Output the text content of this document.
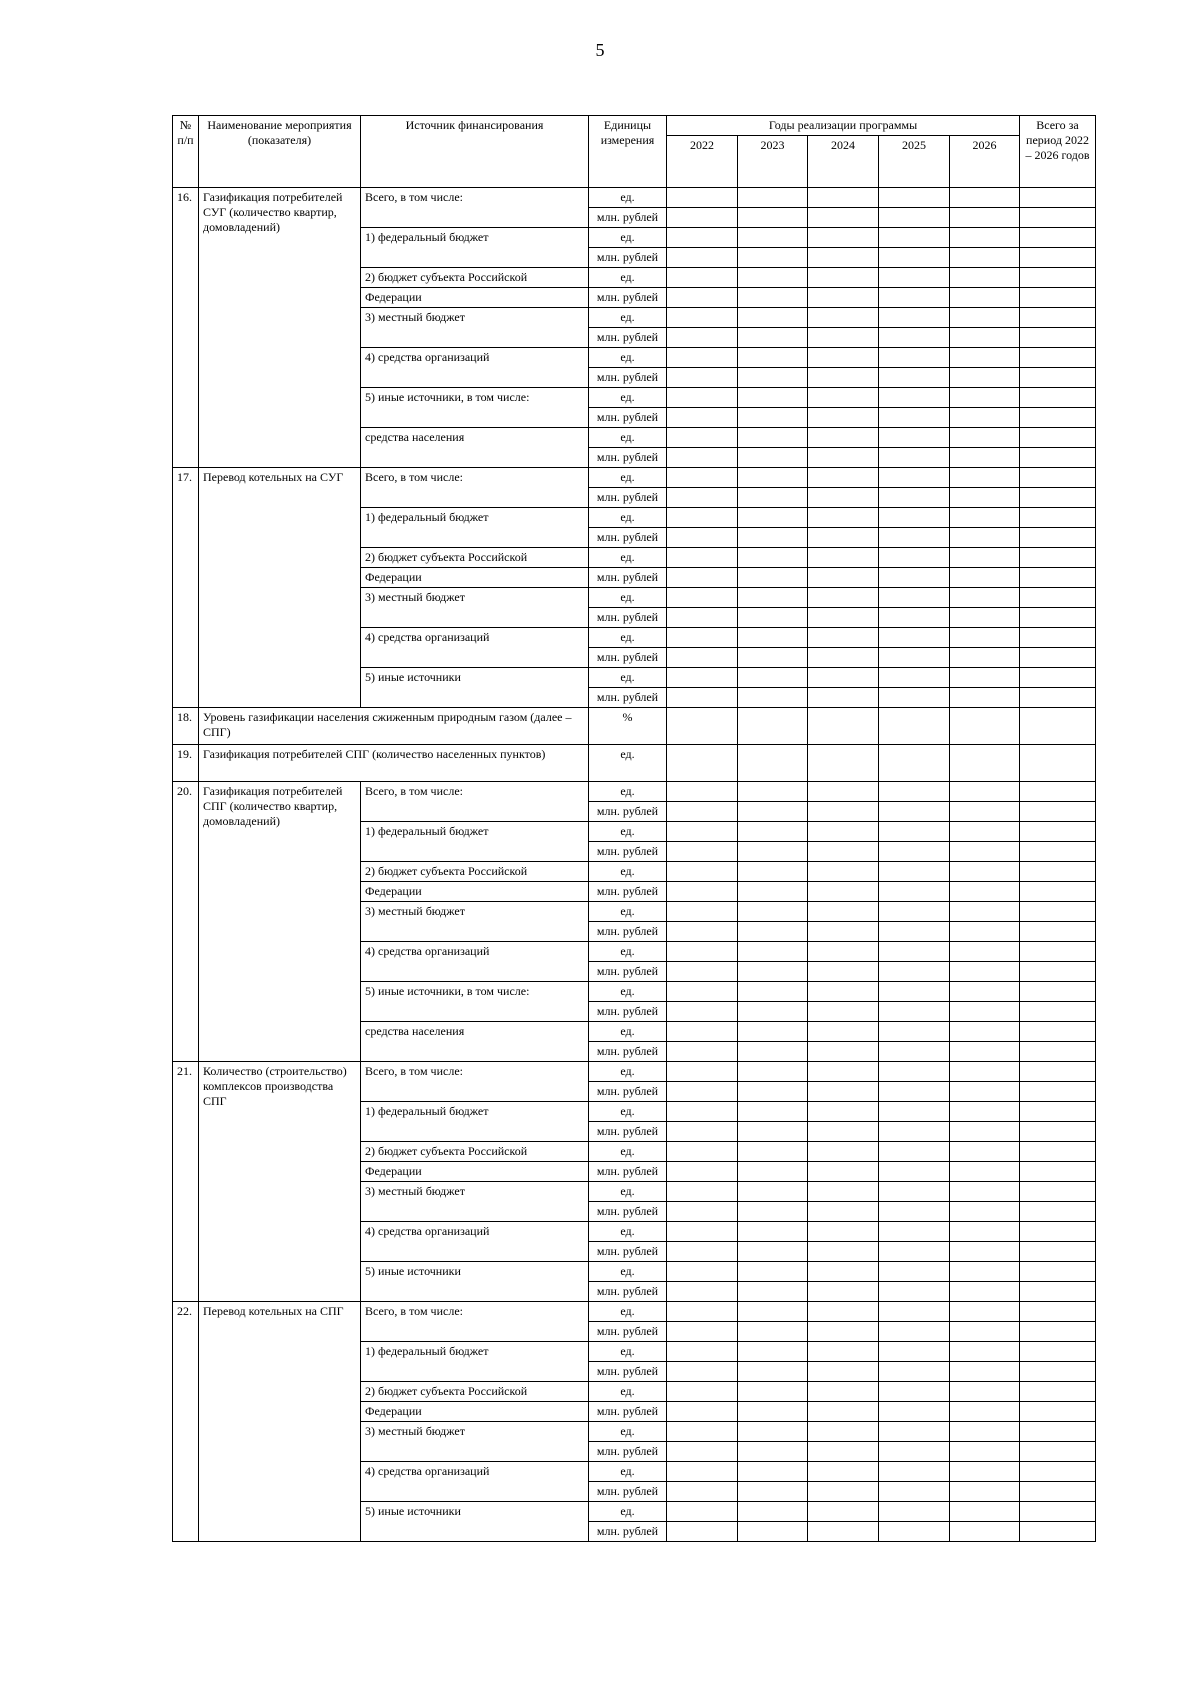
5
№ п/п	Наименование мероприятия (показателя)	Источник финансирования	Единицы измерения	Годы реализации программы					Всего за период 2022 – 2026 годов
				2022	2023	2024	2025	2026	
16.	Газификация потребителей СУГ (количество квартир, домовладений)	Всего, в том числе:	ед.						
			млн. рублей						
		1) федеральный бюджет	ед.						
			млн. рублей						
		2) бюджет субъекта Российской	ед.						
		Федерации	млн. рублей						
		3) местный бюджет	ед.						
			млн. рублей						
		4) средства организаций	ед.						
			млн. рублей						
		5) иные источники, в том числе:	ед.						
			млн. рублей						
		средства населения	ед.						
			млн. рублей						
17.	Перевод котельных на СУГ	Всего, в том числе:	ед.						
			млн. рублей						
		1) федеральный бюджет	ед.						
			млн. рублей						
		2) бюджет субъекта Российской	ед.						
		Федерации	млн. рублей						
		3) местный бюджет	ед.						
			млн. рублей						
		4) средства организаций	ед.						
			млн. рублей						
		5) иные источники	ед.						
			млн. рублей						
18.	Уровень газификации населения сжиженным природным газом (далее – СПГ)		%						
19.	Газификация потребителей СПГ (количество населенных пунктов)		ед.						
20.	Газификация потребителей СПГ (количество квартир, домовладений)	Всего, в том числе:	ед.						
			млн. рублей						
		1) федеральный бюджет	ед.						
			млн. рублей						
		2) бюджет субъекта Российской	ед.						
		Федерации	млн. рублей						
		3) местный бюджет	ед.						
			млн. рублей						
		4) средства организаций	ед.						
			млн. рублей						
		5) иные источники, в том числе:	ед.						
			млн. рублей						
		средства населения	ед.						
			млн. рублей						
21.	Количество (строительство) комплексов производства СПГ	Всего, в том числе:	ед.						
			млн. рублей						
		1) федеральный бюджет	ед.						
			млн. рублей						
		2) бюджет субъекта Российской	ед.						
		Федерации	млн. рублей						
		3) местный бюджет	ед.						
			млн. рублей						
		4) средства организаций	ед.						
			млн. рублей						
		5) иные источники	ед.						
			млн. рублей						
22.	Перевод котельных на СПГ	Всего, в том числе:	ед.						
			млн. рублей						
		1) федеральный бюджет	ед.						
			млн. рублей						
		2) бюджет субъекта Российской	ед.						
		Федерации	млн. рублей						
		3) местный бюджет	ед.						
			млн. рублей						
		4) средства организаций	ед.						
			млн. рублей						
		5) иные источники	ед.						
			млн. рублей						
